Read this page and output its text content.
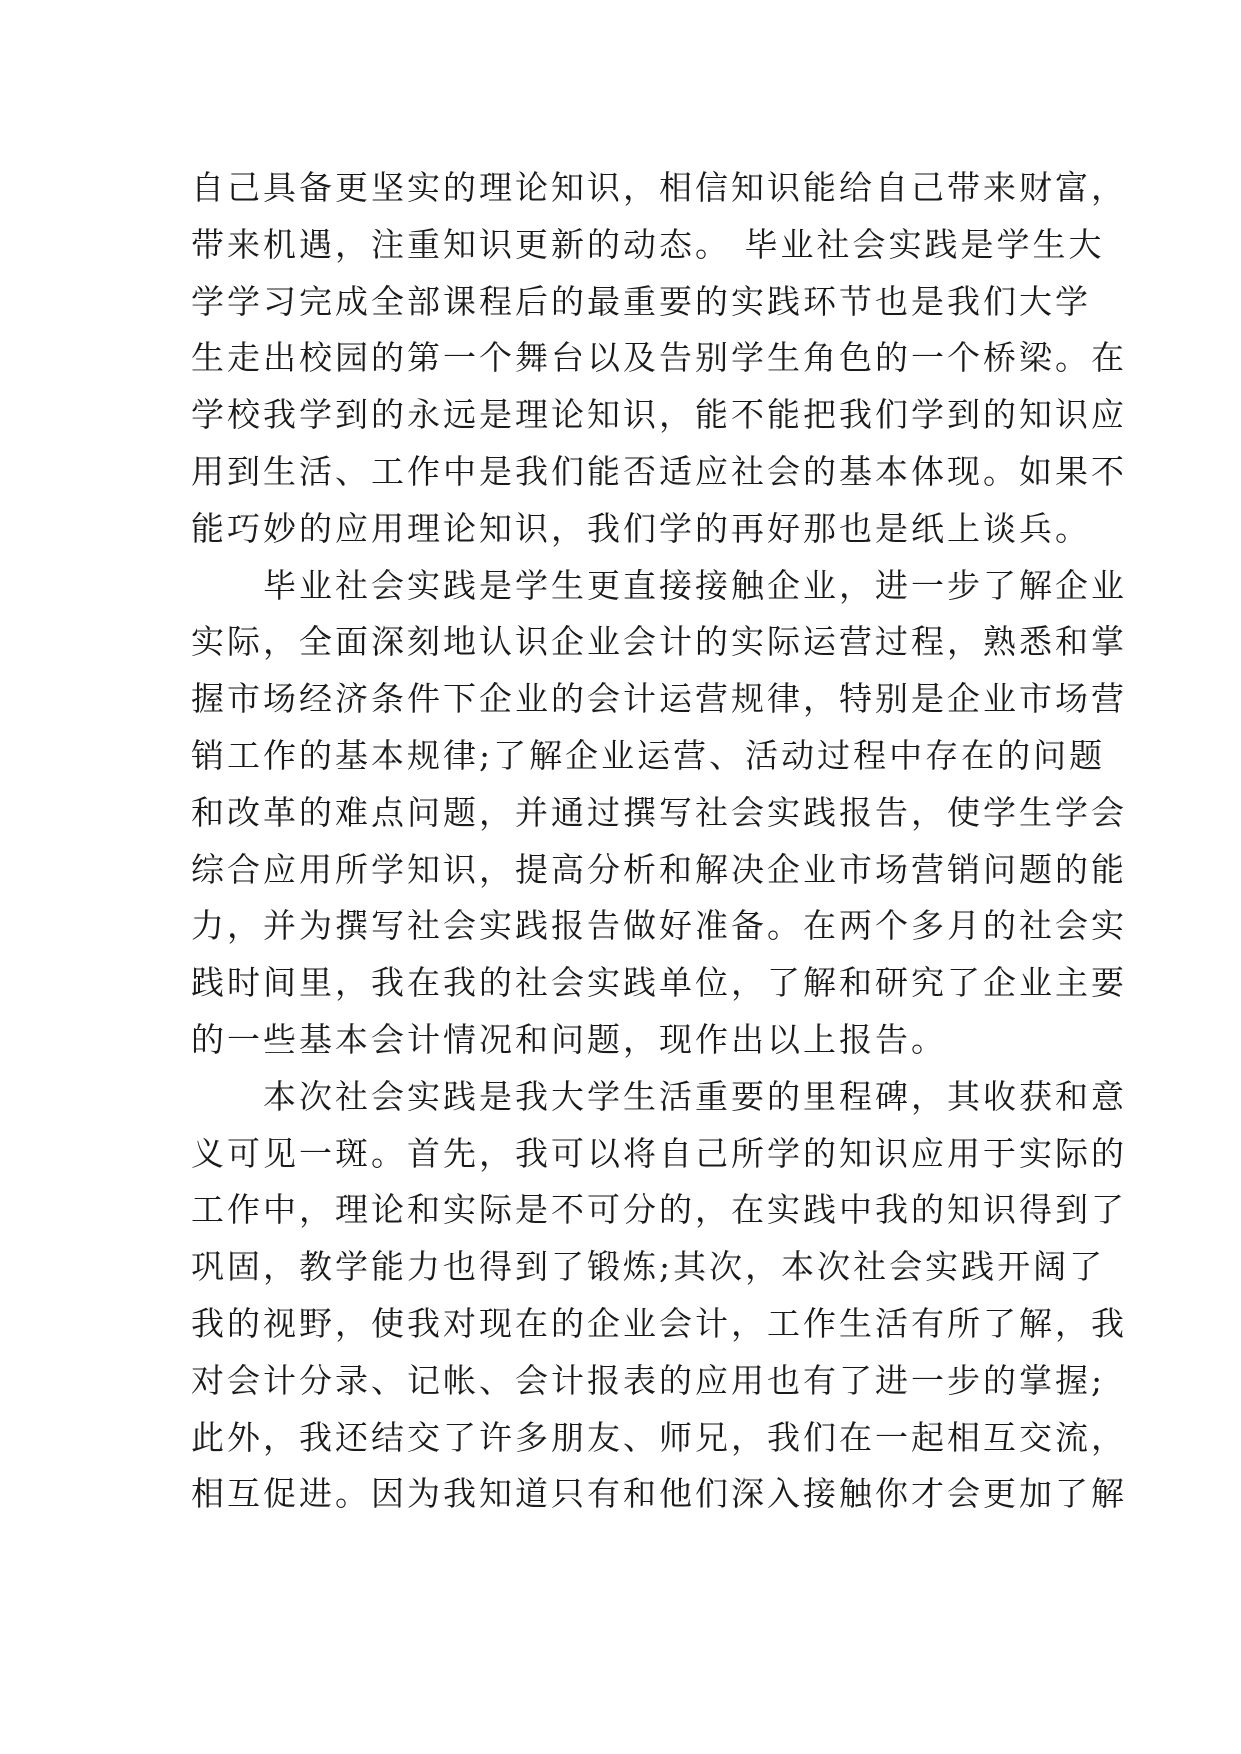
自己具备更坚实的理论知识，相信知识能给自己带来财富，
带来机遇，注重知识更新的动态。 毕业社会实践是学生大
学学习完成全部课程后的最重要的实践环节也是我们大学
生走出校园的第一个舞台以及告别学生角色的一个桥梁。在
学校我学到的永远是理论知识，能不能把我们学到的知识应
用到生活、工作中是我们能否适应社会的基本体现。如果不
能巧妙的应用理论知识，我们学的再好那也是纸上谈兵。
毕业社会实践是学生更直接接触企业，进一步了解企业
实际，全面深刻地认识企业会计的实际运营过程，熟悉和掌
握市场经济条件下企业的会计运营规律，特别是企业市场营
销工作的基本规律;了解企业运营、活动过程中存在的问题
和改革的难点问题，并通过撰写社会实践报告，使学生学会
综合应用所学知识，提高分析和解决企业市场营销问题的能
力，并为撰写社会实践报告做好准备。在两个多月的社会实
践时间里，我在我的社会实践单位，了解和研究了企业主要
的一些基本会计情况和问题，现作出以上报告。
本次社会实践是我大学生活重要的里程碑，其收获和意
义可见一斑。首先，我可以将自己所学的知识应用于实际的
工作中，理论和实际是不可分的，在实践中我的知识得到了
巩固，教学能力也得到了锻炼;其次，本次社会实践开阔了
我的视野，使我对现在的企业会计，工作生活有所了解，我
对会计分录、记帐、会计报表的应用也有了进一步的掌握;
此外，我还结交了许多朋友、师兄，我们在一起相互交流，
相互促进。因为我知道只有和他们深入接触你才会更加了解
